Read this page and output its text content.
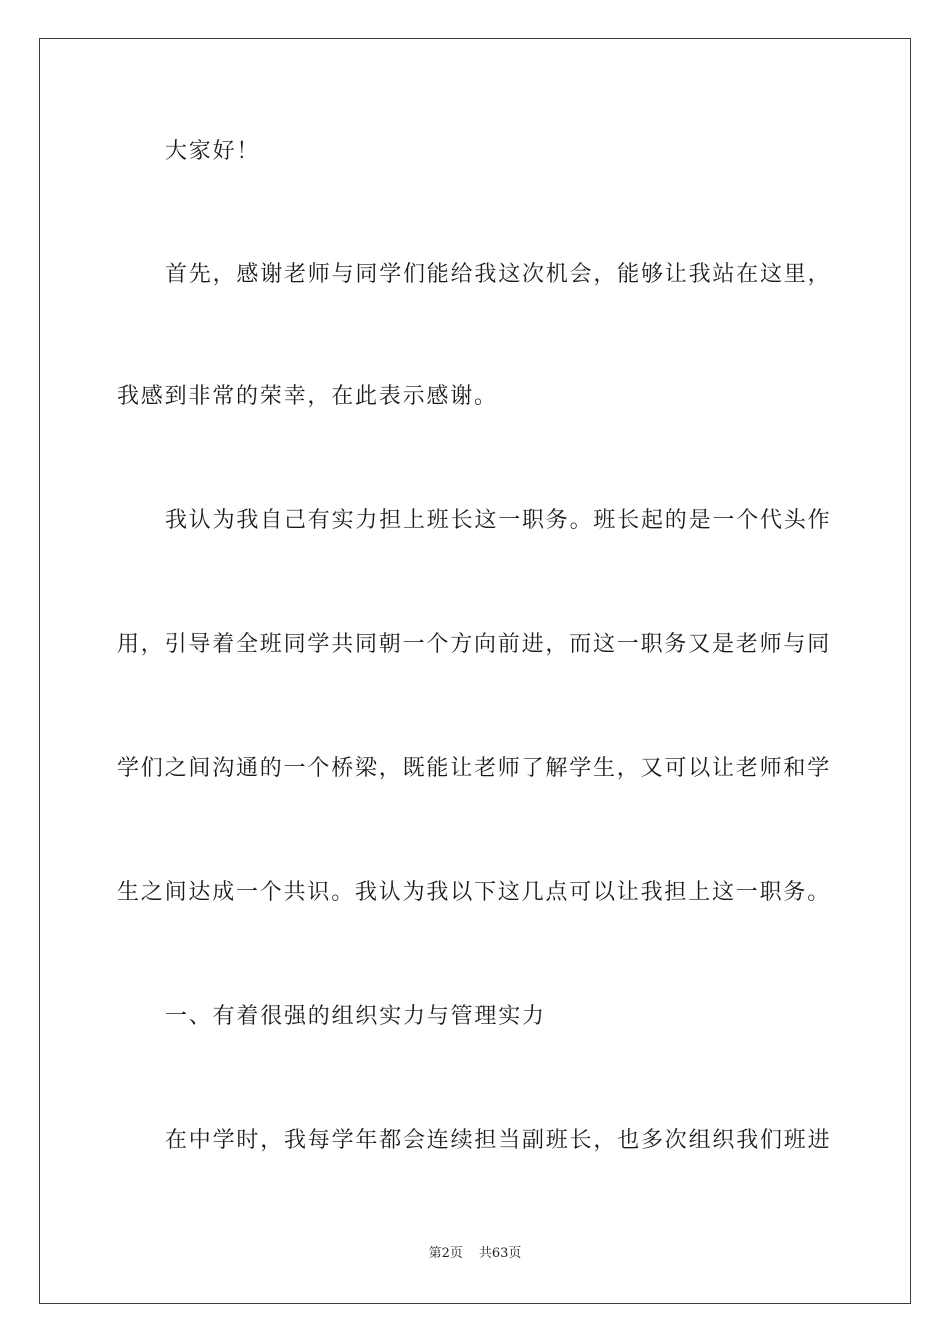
大家好！
首先，感谢老师与同学们能给我这次机会，能够让我站在这里，
我感到非常的荣幸，在此表示感谢。
我认为我自己有实力担上班长这一职务。班长起的是一个代头作
用，引导着全班同学共同朝一个方向前进，而这一职务又是老师与同
学们之间沟通的一个桥梁，既能让老师了解学生，又可以让老师和学
生之间达成一个共识。我认为我以下这几点可以让我担上这一职务。
一、有着很强的组织实力与管理实力
在中学时，我每学年都会连续担当副班长，也多次组织我们班进
第2页 共63页
